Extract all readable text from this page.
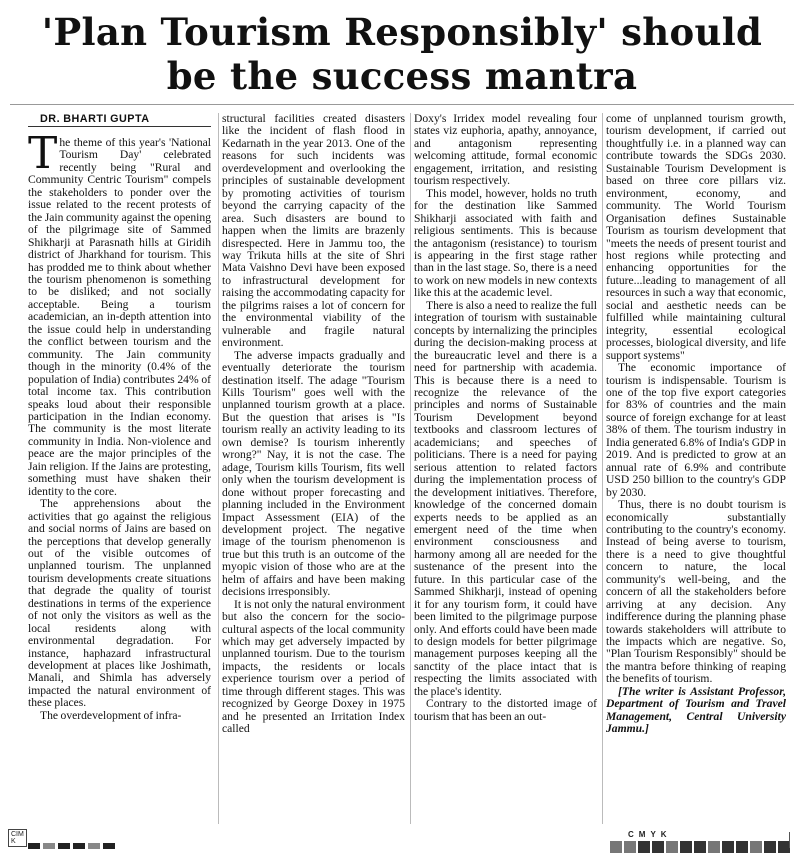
'Plan Tourism Responsibly' should
be the success mantra
DR. BHARTI GUPTA

The theme of this year's 'National Tourism Day' celebrated recently being "Rural and Community Centric Tourism" compels the stakeholders to ponder over the issue related to the recent protests of the Jain community against the opening of the pilgrimage site of Sammed Shikharji at Parasnath hills at Giridih district of Jharkhand for tourism. This has prodded me to think about whether the tourism phenomenon is something to be disliked; and not socially acceptable. Being a tourism academician, an in-depth attention into the issue could help in understanding the conflict between tourism and the community. The Jain community though in the minority (0.4% of the population of India) contributes 24% of total income tax. This contribution speaks loud about their responsible participation in the Indian economy. The community is the most literate community in India. Non-violence and peace are the major principles of the Jain religion. If the Jains are protesting, something must have shaken their identity to the core.

The apprehensions about the activities that go against the religious and social norms of Jains are based on the perceptions that develop generally out of the visible outcomes of unplanned tourism. The unplanned tourism developments create situations that degrade the quality of tourist destinations in terms of the experience of not only the visitors as well as the local residents along with environmental degradation. For instance, haphazard infrastructural development at places like Joshimath, Manali, and Shimla has adversely impacted the natural environment of these places.

The overdevelopment of infra-

structural facilities created disasters like the incident of flash flood in Kedarnath in the year 2013. One of the reasons for such incidents was overdevelopment and overlooking the principles of sustainable development by promoting activities of tourism beyond the carrying capacity of the area. Such disasters are bound to happen when the limits are brazenly disrespected. Here in Jammu too, the way Trikuta hills at the site of Shri Mata Vaishno Devi have been exposed to infrastructural development for raising the accommodating capacity for the pilgrims raises a lot of concern for the environmental viability of the vulnerable and fragile natural environment.

The adverse impacts gradually and eventually deteriorate the tourism destination itself. The adage "Tourism Kills Tourism" goes well with the unplanned tourism growth at a place. But the question that arises is "Is tourism really an activity leading to its own demise? Is tourism inherently wrong?" Nay, it is not the case. The adage, Tourism kills Tourism, fits well only when the tourism development is done without proper forecasting and planning included in the Environment Impact Assessment (EIA) of the development project. The negative image of the tourism phenomenon is true but this truth is an outcome of the myopic vision of those who are at the helm of affairs and have been making decisions irresponsibly.

It is not only the natural environment but also the concern for the socio-cultural aspects of the local community which may get adversely impacted by unplanned tourism. Due to the tourism impacts, the residents or locals experience tourism over a period of time through different stages. This was recognized by George Doxey in 1975 and he presented an Irritation Index called

Doxy's Irridex model revealing four states viz euphoria, apathy, annoyance, and antagonism representing welcoming attitude, formal economic engagement, irritation, and resisting tourism respectively.

This model, however, holds no truth for the destination like Sammed Shikharji associated with faith and religious sentiments. This is because the antagonism (resistance) to tourism is appearing in the first stage rather than in the last stage. So, there is a need to work on new models in new contexts like this at the academic level.

There is also a need to realize the full integration of tourism with sustainable concepts by internalizing the principles during the decision-making process at the bureaucratic level and there is a need for partnership with academia. This is because there is a need to recognize the relevance of the principles and norms of Sustainable Tourism Development beyond textbooks and classroom lectures of academicians; and speeches of politicians. There is a need for paying serious attention to related factors during the implementation process of the development initiatives. Therefore, knowledge of the concerned domain experts needs to be applied as an emergent need of the time when environment consciousness and harmony among all are needed for the sustenance of the present into the future. In this particular case of the Sammed Shikharji, instead of opening it for any tourism form, it could have been limited to the pilgrimage purpose only. And efforts could have been made to design models for better pilgrimage management purposes keeping all the sanctity of the place intact that is respecting the limits associated with the place's identity.

Contrary to the distorted image of tourism that has been an out-

come of unplanned tourism growth, tourism development, if carried out thoughtfully i.e. in a planned way can contribute towards the SDGs 2030. Sustainable Tourism Development is based on three core pillars viz. environment, economy, and community. The World Tourism Organisation defines Sustainable Tourism as tourism development that "meets the needs of present tourist and host regions while protecting and enhancing opportunities for the future...leading to management of all resources in such a way that economic, social and aesthetic needs can be fulfilled while maintaining cultural integrity, essential ecological processes, biological diversity, and life support systems"

The economic importance of tourism is indispensable. Tourism is one of the top five export categories for 83% of countries and the main source of foreign exchange for at least 38% of them. The tourism industry in India generated 6.8% of India's GDP in 2019. And is predicted to grow at an annual rate of 6.9% and contribute USD 250 billion to the country's GDP by 2030.

Thus, there is no doubt tourism is economically substantially contributing to the country's economy. Instead of being averse to tourism, there is a need to give thoughtful concern to nature, the local community's well-being, and the concern of all the stakeholders before arriving at any decision. Any indifference during the planning phase towards stakeholders will attribute to the impacts which are negative. So, "Plan Tourism Responsibly" should be the mantra before thinking of reaping the benefits of tourism.

[The writer is Assistant Professor, Department of Tourism and Travel Management, Central University Jammu.]

CIM
K
CMYK
